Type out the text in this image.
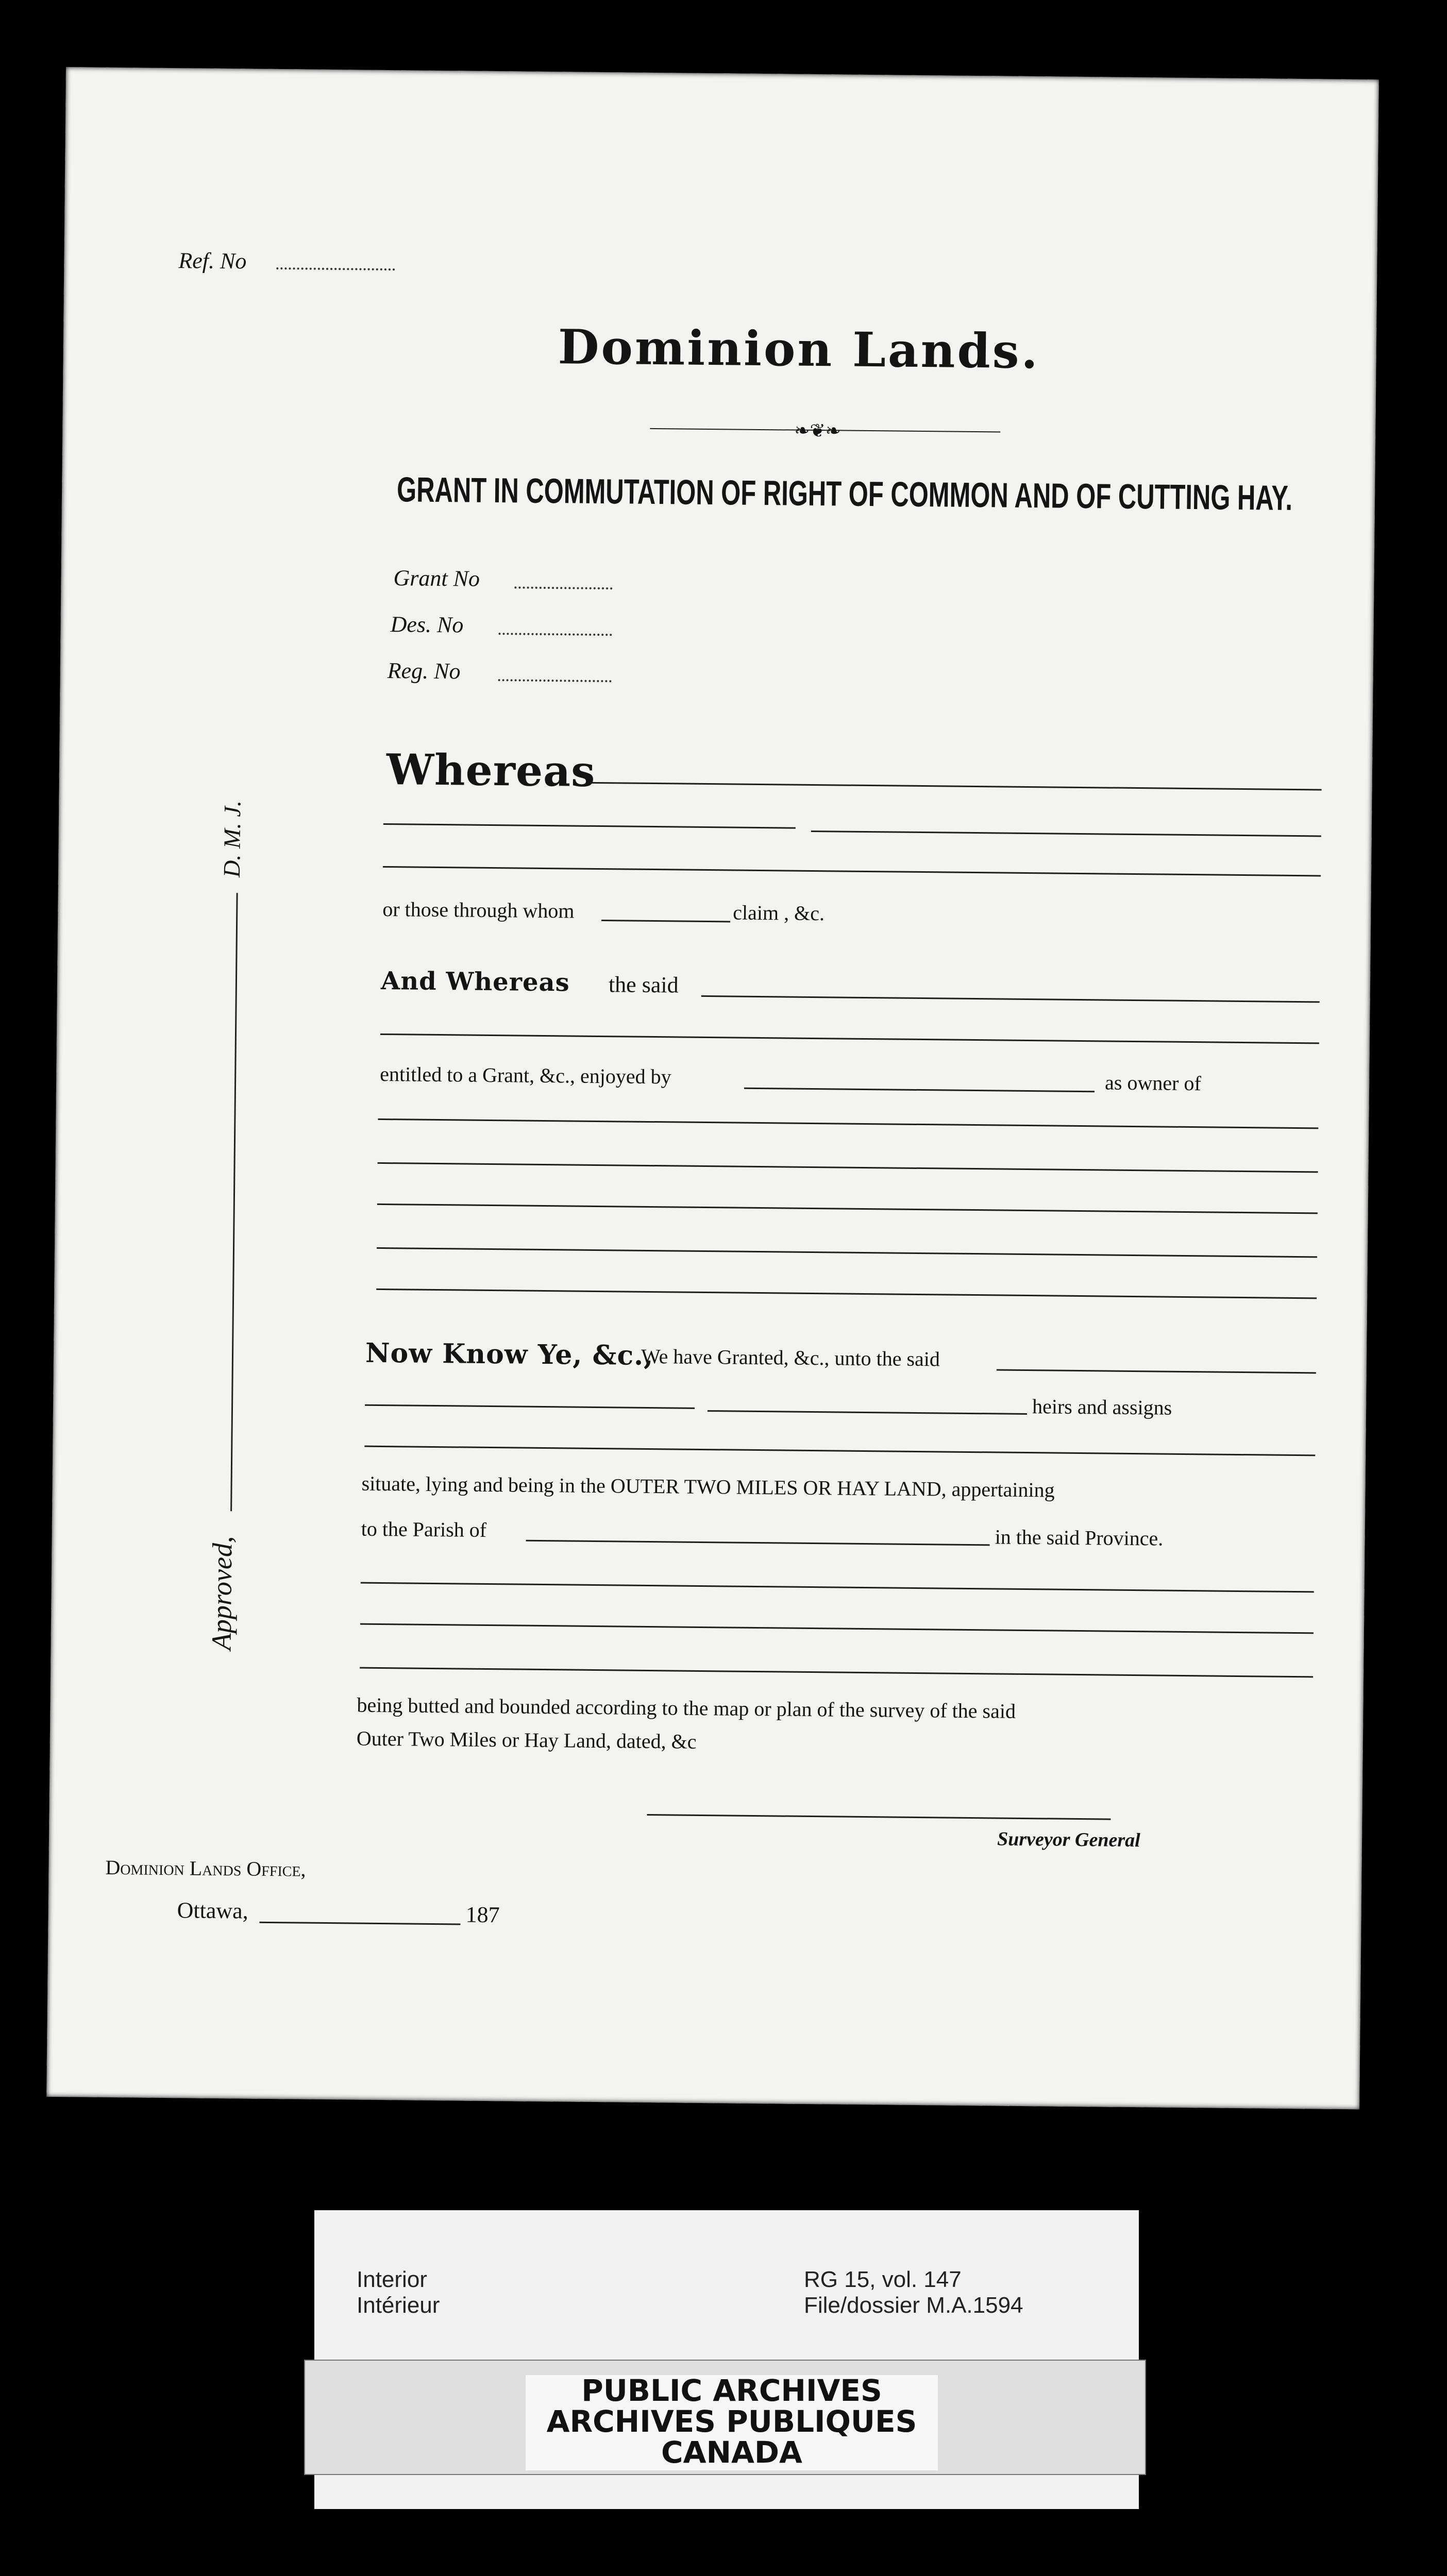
Ref. No
Dominion Lands.
❧❦❧
GRANT IN COMMUTATION OF RIGHT OF COMMON AND OF CUTTING HAY.
Grant No
Des. No
Reg. No
D. M. J.
Approved,
Whereas
or those through whom	claim , &c.
And Whereas the said
entitled to a Grant, &c., enjoyed by	as owner of
Now Know Ye, &c.,
We have Granted, &c., unto the said
heirs and assigns
situate, lying and being in the OUTER TWO MILES OR HAY LAND, appertaining
to the Parish of	in the said Province.
being butted and bounded according to the map or plan of the survey of the said
Outer Two Miles or Hay Land, dated, &c
Surveyor General
Dominion Lands Office,
Ottawa,	187
Interior
Intérieur
RG 15, vol. 147
File/dossier M.A.1594
PUBLIC ARCHIVES
ARCHIVES PUBLIQUES
CANADA
